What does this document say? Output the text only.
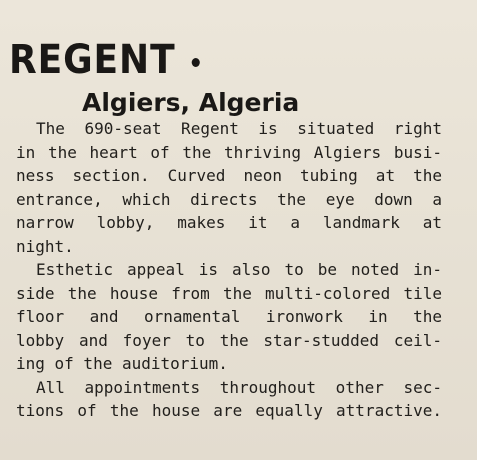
REGENT
Algiers, Algeria
The 690-seat Regent is situated right
in the heart of the thriving Algiers busi-
ness section. Curved neon tubing at the
entrance, which directs the eye down a
narrow lobby, makes it a landmark at
night.
Esthetic appeal is also to be noted in-
side the house from the multi-colored tile
floor and ornamental ironwork in the
lobby and foyer to the star-studded ceil-
ing of the auditorium.
All appointments throughout other sec-
tions of the house are equally attractive.
